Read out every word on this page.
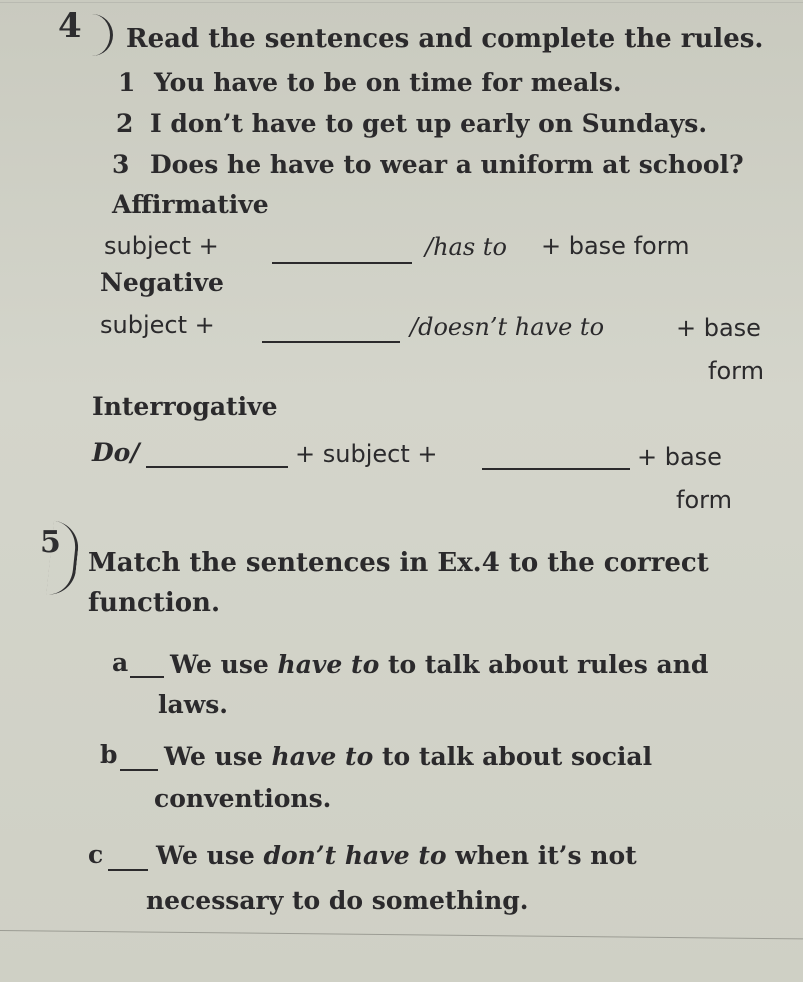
4 Read the sentences and complete the rules.
1 You have to be on time for meals.
2 I don’t have to get up early on Sundays.
3 Does he have to wear a uniform at school?
Affirmative
subject +	/has to + base form
Negative
subject +	/doesn’t have to	+ base
form
Interrogative
Do/	+ subject +	+ base
form
5
Match the sentences in Ex.4 to the correct
function.
a We use have to to talk about rules and
laws.
b We use have to to talk about social
conventions.
c We use don’t have to when it’s not
necessary to do something.
